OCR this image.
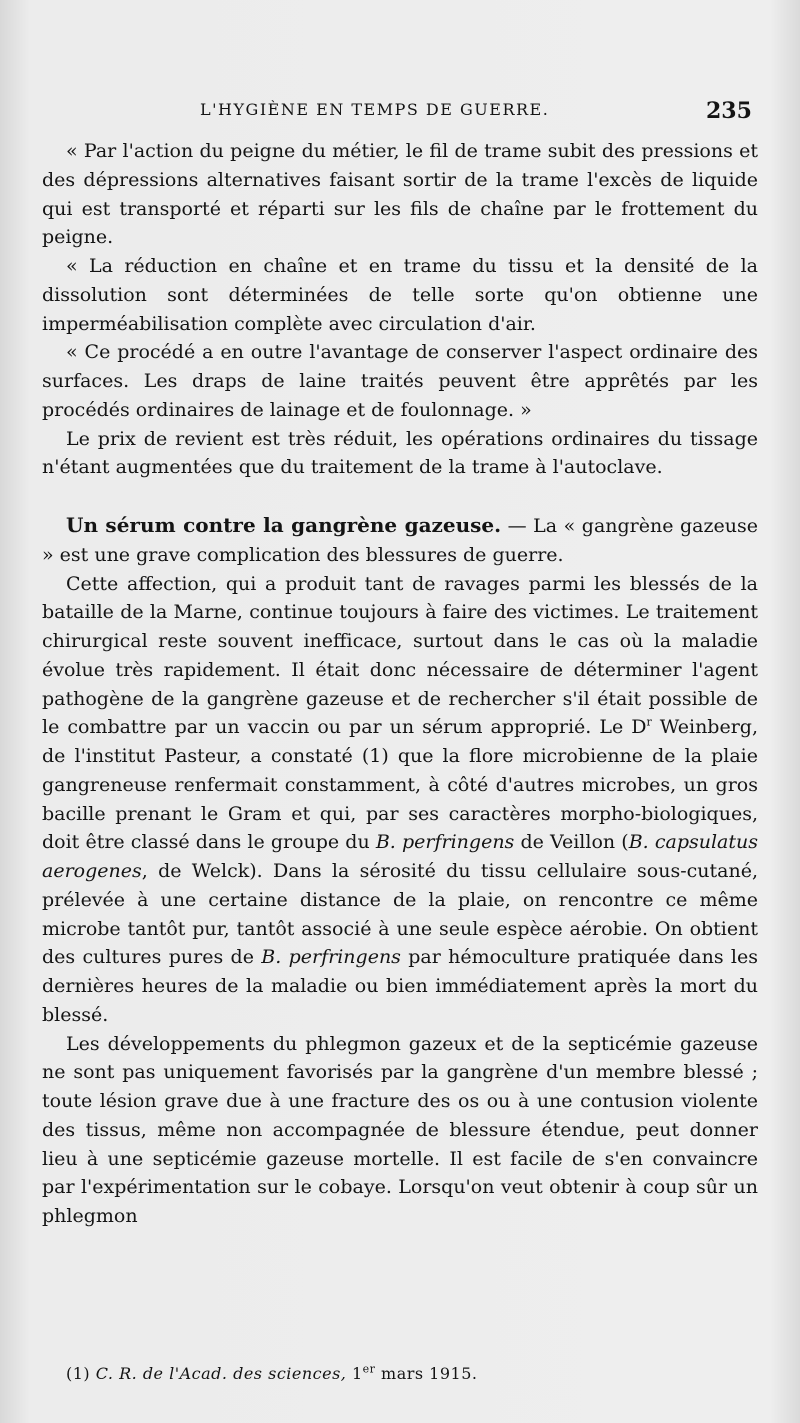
L'HYGIÈNE EN TEMPS DE GUERRE.	235

« Par l'action du peigne du métier, le fil de trame subit des pressions et des dépressions alternatives faisant sortir de la trame l'excès de liquide qui est transporté et réparti sur les fils de chaîne par le frottement du peigne.

« La réduction en chaîne et en trame du tissu et la densité de la dissolution sont déterminées de telle sorte qu'on obtienne une imperméabilisation complète avec circulation d'air.

« Ce procédé a en outre l'avantage de conserver l'aspect ordinaire des surfaces. Les draps de laine traités peuvent être apprêtés par les procédés ordinaires de lainage et de foulonnage. »

Le prix de revient est très réduit, les opérations ordinaires du tissage n'étant augmentées que du traitement de la trame à l'autoclave.

Un sérum contre la gangrène gazeuse. — La « gangrène gazeuse » est une grave complication des blessures de guerre.

Cette affection, qui a produit tant de ravages parmi les blessés de la bataille de la Marne, continue toujours à faire des victimes. Le traitement chirurgical reste souvent inefficace, surtout dans le cas où la maladie évolue très rapidement. Il était donc nécessaire de déterminer l'agent pathogène de la gangrène gazeuse et de rechercher s'il était possible de le combattre par un vaccin ou par un sérum approprié. Le $D^r$ Weinberg, de l'institut Pasteur, a constaté (1) que la flore microbienne de la plaie gangreneuse renfermait constamment, à côté d'autres microbes, un gros bacille prenant le Gram et qui, par ses caractères morpho-biologiques, doit être classé dans le groupe du B. perfringens de Veillon (B. capsulatus aerogenes, de Welck). Dans la sérosité du tissu cellulaire sous-cutané, prélevée à une certaine distance de la plaie, on rencontre ce même microbe tantôt pur, tantôt associé à une seule espèce aérobie. On obtient des cultures pures de B. perfringens par hémoculture pratiquée dans les dernières heures de la maladie ou bien immédiatement après la mort du blessé.

Les développements du phlegmon gazeux et de la septicémie gazeuse ne sont pas uniquement favorisés par la gangrène d'un membre blessé ; toute lésion grave due à une fracture des os ou à une contusion violente des tissus, même non accompagnée de blessure étendue, peut donner lieu à une septicémie gazeuse mortelle. Il est facile de s'en convaincre par l'expérimentation sur le cobaye. Lorsqu'on veut obtenir à coup sûr un phlegmon

(1) C. R. de l'Acad. des sciences, 1er mars 1915.
